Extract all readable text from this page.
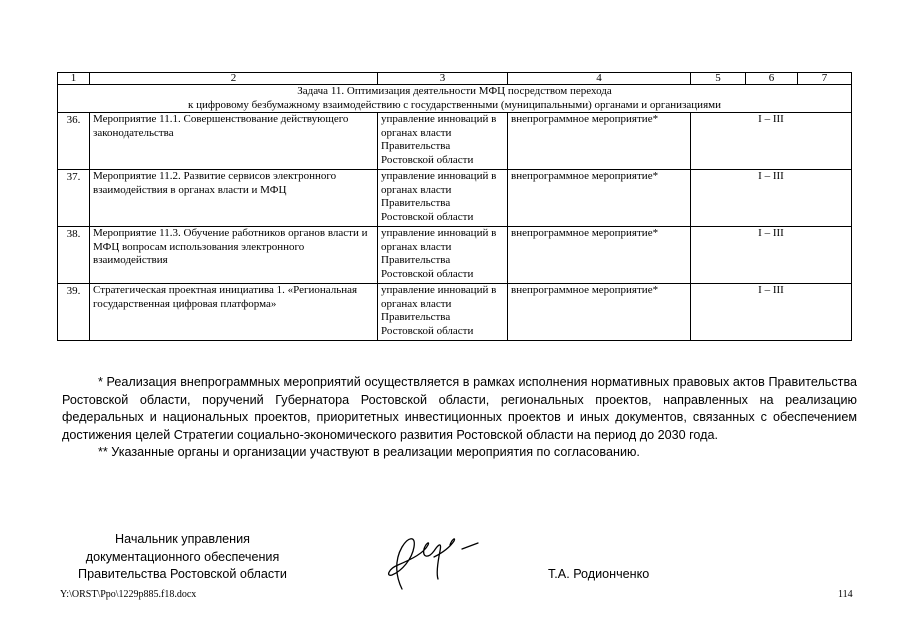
1	2	3	4	5	6	7

Задача 11. Оптимизация деятельности МФЦ посредством перехода
к цифровому безбумажному взаимодействию с государственными (муниципальными) органами и организациями						

36.	Мероприятие 11.1. Совершенствование действующего законодательства	управление инноваций в органах власти Правительства Ростовской области	внепрограммное мероприятие*	I – III		
37.	Мероприятие 11.2. Развитие сервисов электронного взаимодействия в органах власти и МФЦ	управление инноваций в органах власти Правительства Ростовской области	внепрограммное мероприятие*	I – III		
38.	Мероприятие 11.3. Обучение работников органов власти и МФЦ вопросам использования электронного взаимодействия	управление инноваций в органах власти Правительства Ростовской области	внепрограммное мероприятие*	I – III		
39.	Стратегическая проектная инициатива 1. «Региональная государственная цифровая платформа»	управление инноваций в органах власти Правительства Ростовской области	внепрограммное мероприятие*	I – III		

* Реализация внепрограммных мероприятий осуществляется в рамках исполнения нормативных правовых актов Правительства Ростовской области, поручений Губернатора Ростовской области, региональных проектов, направленных на реализацию федеральных и национальных проектов, приоритетных инвестиционных проектов и иных документов, связанных с обеспечением достижения целей Стратегии социально-экономического развития Ростовской области на период до 2030 года.

** Указанные органы и организации участвуют в реализации мероприятия по согласованию.

Начальник управления
документационного обеспечения
Правительства Ростовской области	Т.А. Родионченко
Y:\ORST\Ppo\1229p885.f18.docx	114
